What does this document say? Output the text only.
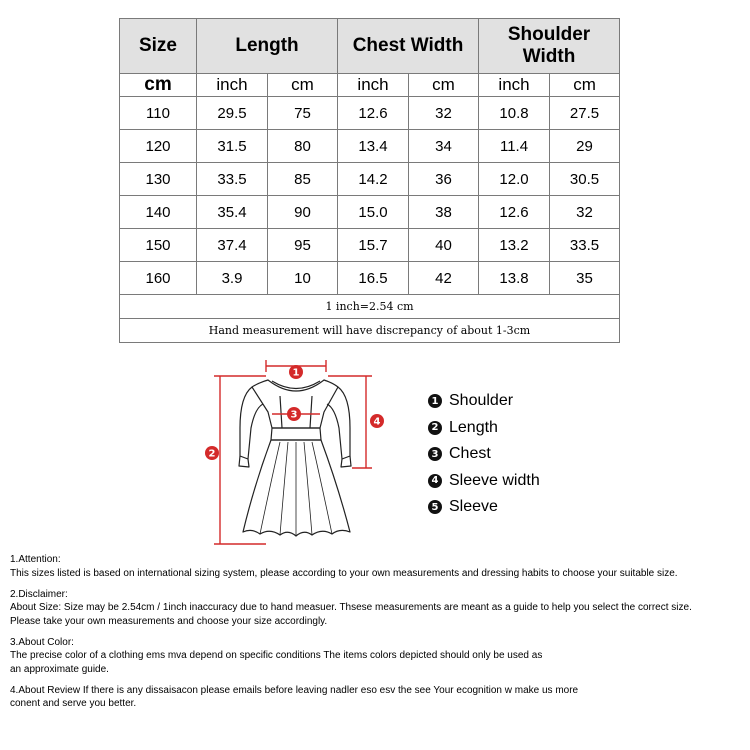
Size	Length		Chest Width		Shoulder Width	
cm	inch	cm	inch	cm	inch	cm
110	29.5	75	12.6	32	10.8	27.5
120	31.5	80	13.4	34	11.4	29
130	33.5	85	14.2	36	12.0	30.5
140	35.4	90	15.0	38	12.6	32
150	37.4	95	15.7	40	13.2	33.5
160	3.9	10	16.5	42	13.8	35
1 inch=2.54 cm						
Hand measurement will have discrepancy of about 1-3cm						
1
2
3
4
1 Shoulder
2 Length
3 Chest
4 Sleeve width
5 Sleeve
1.Attention:
This sizes listed is based on international sizing system, please according to your own measurements and dressing habits to choose your suitable size.
2.Disclaimer:
About Size: Size may be 2.54cm / 1inch inaccuracy due to hand measuer. Thsese measurements are meant as a guide to help you select the correct size.
Please take your own measurements and choose your size accordingly.
3.About Color:
The precise color of a clothing ems mva depend on specific conditions The items colors depicted should only be used as
an approximate guide.
4.About Review If there is any dissaisacon please emails before leaving nadler eso esv the see Your ecognition w make us more
conent and serve you better.
